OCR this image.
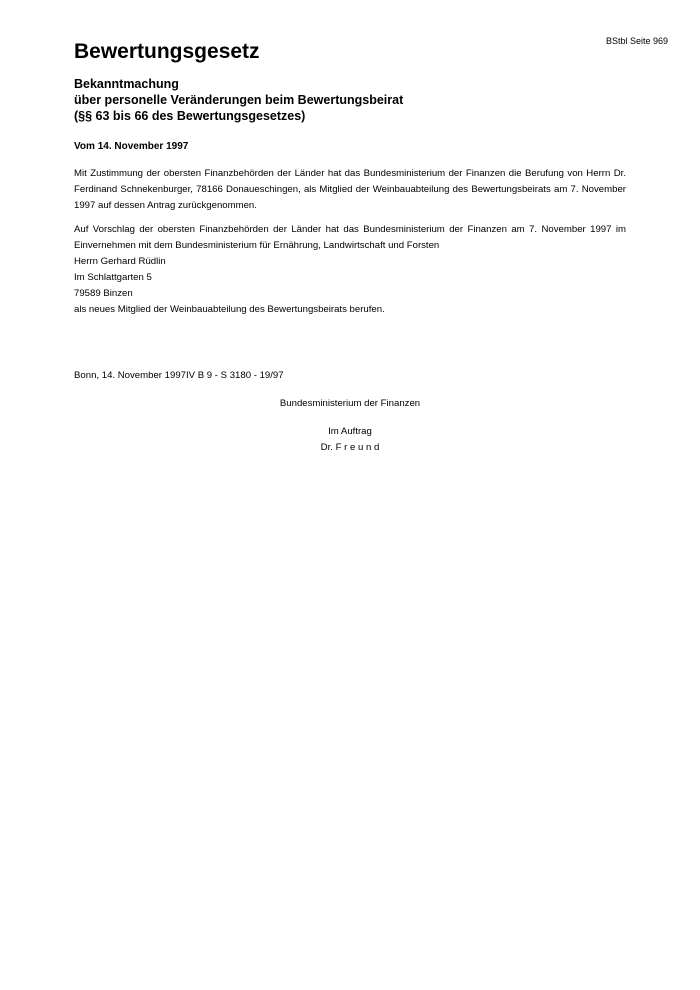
BStbl Seite 969
Bewertungsgesetz
Bekanntmachung
über personelle Veränderungen beim Bewertungsbeirat
(§§ 63 bis 66 des Bewertungsgesetzes)
Vom 14. November 1997
Mit Zustimmung der obersten Finanzbehörden der Länder hat das Bundesministerium der Finanzen die Berufung von Herrn Dr. Ferdinand Schnekenburger, 78166 Donaueschingen, als Mitglied der Weinbauabteilung des Bewertungsbeirats am 7. November 1997 auf dessen Antrag zurückgenommen.
Auf Vorschlag der obersten Finanzbehörden der Länder hat das Bundesministerium der Finanzen am 7. November 1997 im Einvernehmen mit dem Bundesministerium für Ernährung, Landwirtschaft und Forsten
Herrn Gerhard Rüdlin
Im Schlattgarten 5
79589 Binzen
als neues Mitglied der Weinbauabteilung des Bewertungsbeirats berufen.
Bonn, 14. November 1997IV B 9 - S 3180 - 19/97
Bundesministerium der Finanzen
Im Auftrag
Dr. F r e u n d
